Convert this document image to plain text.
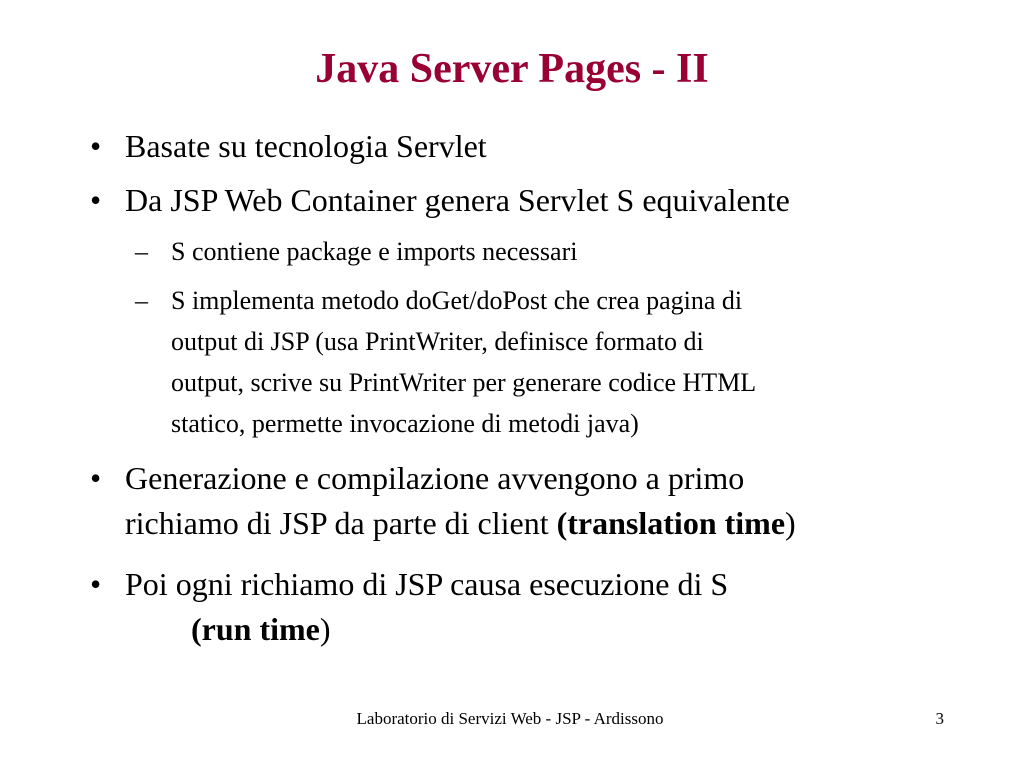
Java Server Pages - II
• Basate su tecnologia Servlet
• Da JSP Web Container genera Servlet S equivalente
– S contiene package e imports necessari
– S implementa metodo doGet/doPost che crea pagina di
output di JSP (usa PrintWriter, definisce formato di
output, scrive su PrintWriter per generare codice HTML
statico, permette invocazione di metodi java)
• Generazione e compilazione avvengono a primo
richiamo di JSP da parte di client (translation time)
• Poi ogni richiamo di JSP causa esecuzione di S
(run time)
Laboratorio di Servizi Web - JSP - Ardissono	3
